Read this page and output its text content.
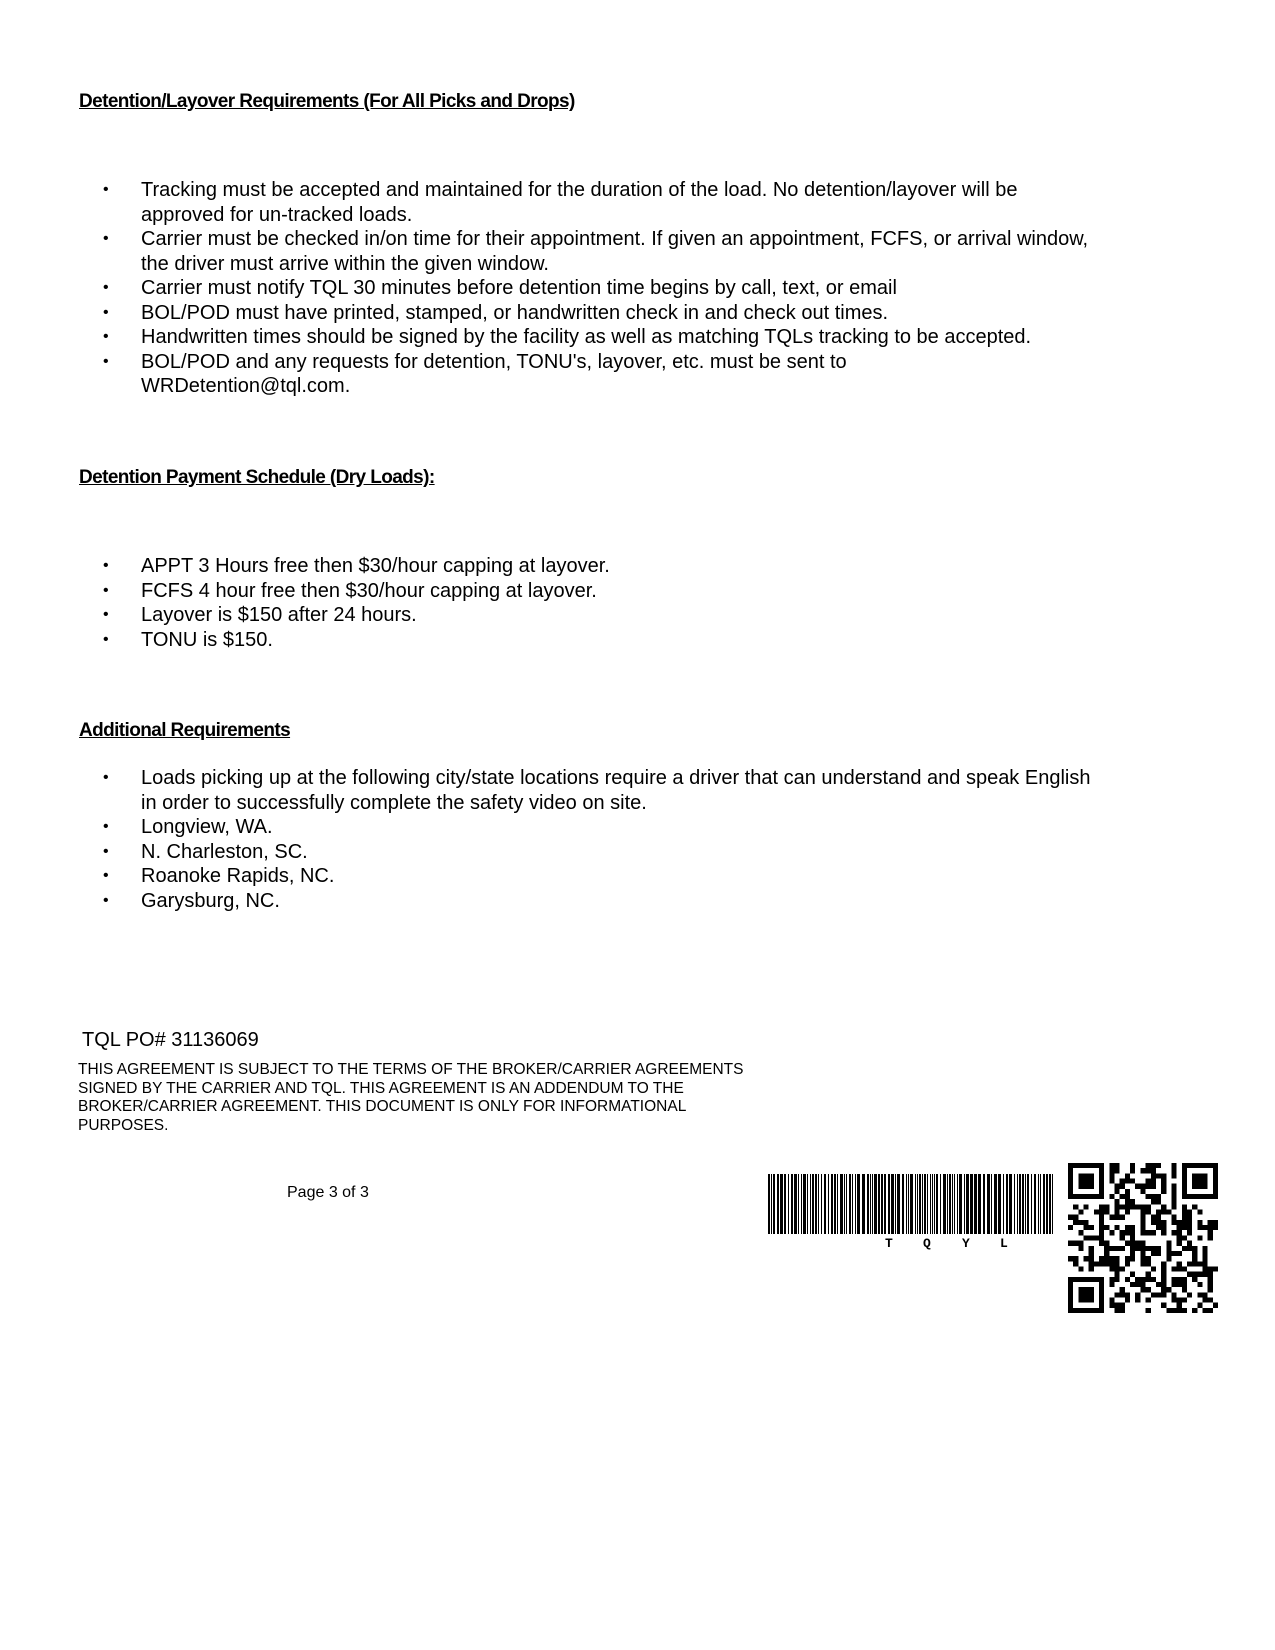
Detention/Layover Requirements (For All Picks and Drops)
• Tracking must be accepted and maintained for the duration of the load. No detention/layover will be approved for un-tracked loads.
• Carrier must be checked in/on time for their appointment. If given an appointment, FCFS, or arrival window, the driver must arrive within the given window.
• Carrier must notify TQL 30 minutes before detention time begins by call, text, or email
• BOL/POD must have printed, stamped, or handwritten check in and check out times.
• Handwritten times should be signed by the facility as well as matching TQLs tracking to be accepted.
• BOL/POD and any requests for detention, TONU's, layover, etc. must be sent to WRDetention@tql.com.
Detention Payment Schedule (Dry Loads):
• APPT 3 Hours free then $30/hour capping at layover.
• FCFS 4 hour free then $30/hour capping at layover.
• Layover is $150 after 24 hours.
• TONU is $150.
Additional Requirements
• Loads picking up at the following city/state locations require a driver that can understand and speak English in order to successfully complete the safety video on site.
• Longview, WA.
• N. Charleston, SC.
• Roanoke Rapids, NC.
• Garysburg, NC.
TQL PO# 31136069

THIS AGREEMENT IS SUBJECT TO THE TERMS OF THE BROKER/CARRIER AGREEMENTS SIGNED BY THE CARRIER AND TQL. THIS AGREEMENT IS AN ADDENDUM TO THE BROKER/CARRIER AGREEMENT. THIS DOCUMENT IS ONLY FOR INFORMATIONAL PURPOSES.

Page 3 of 3
T Q Y L
